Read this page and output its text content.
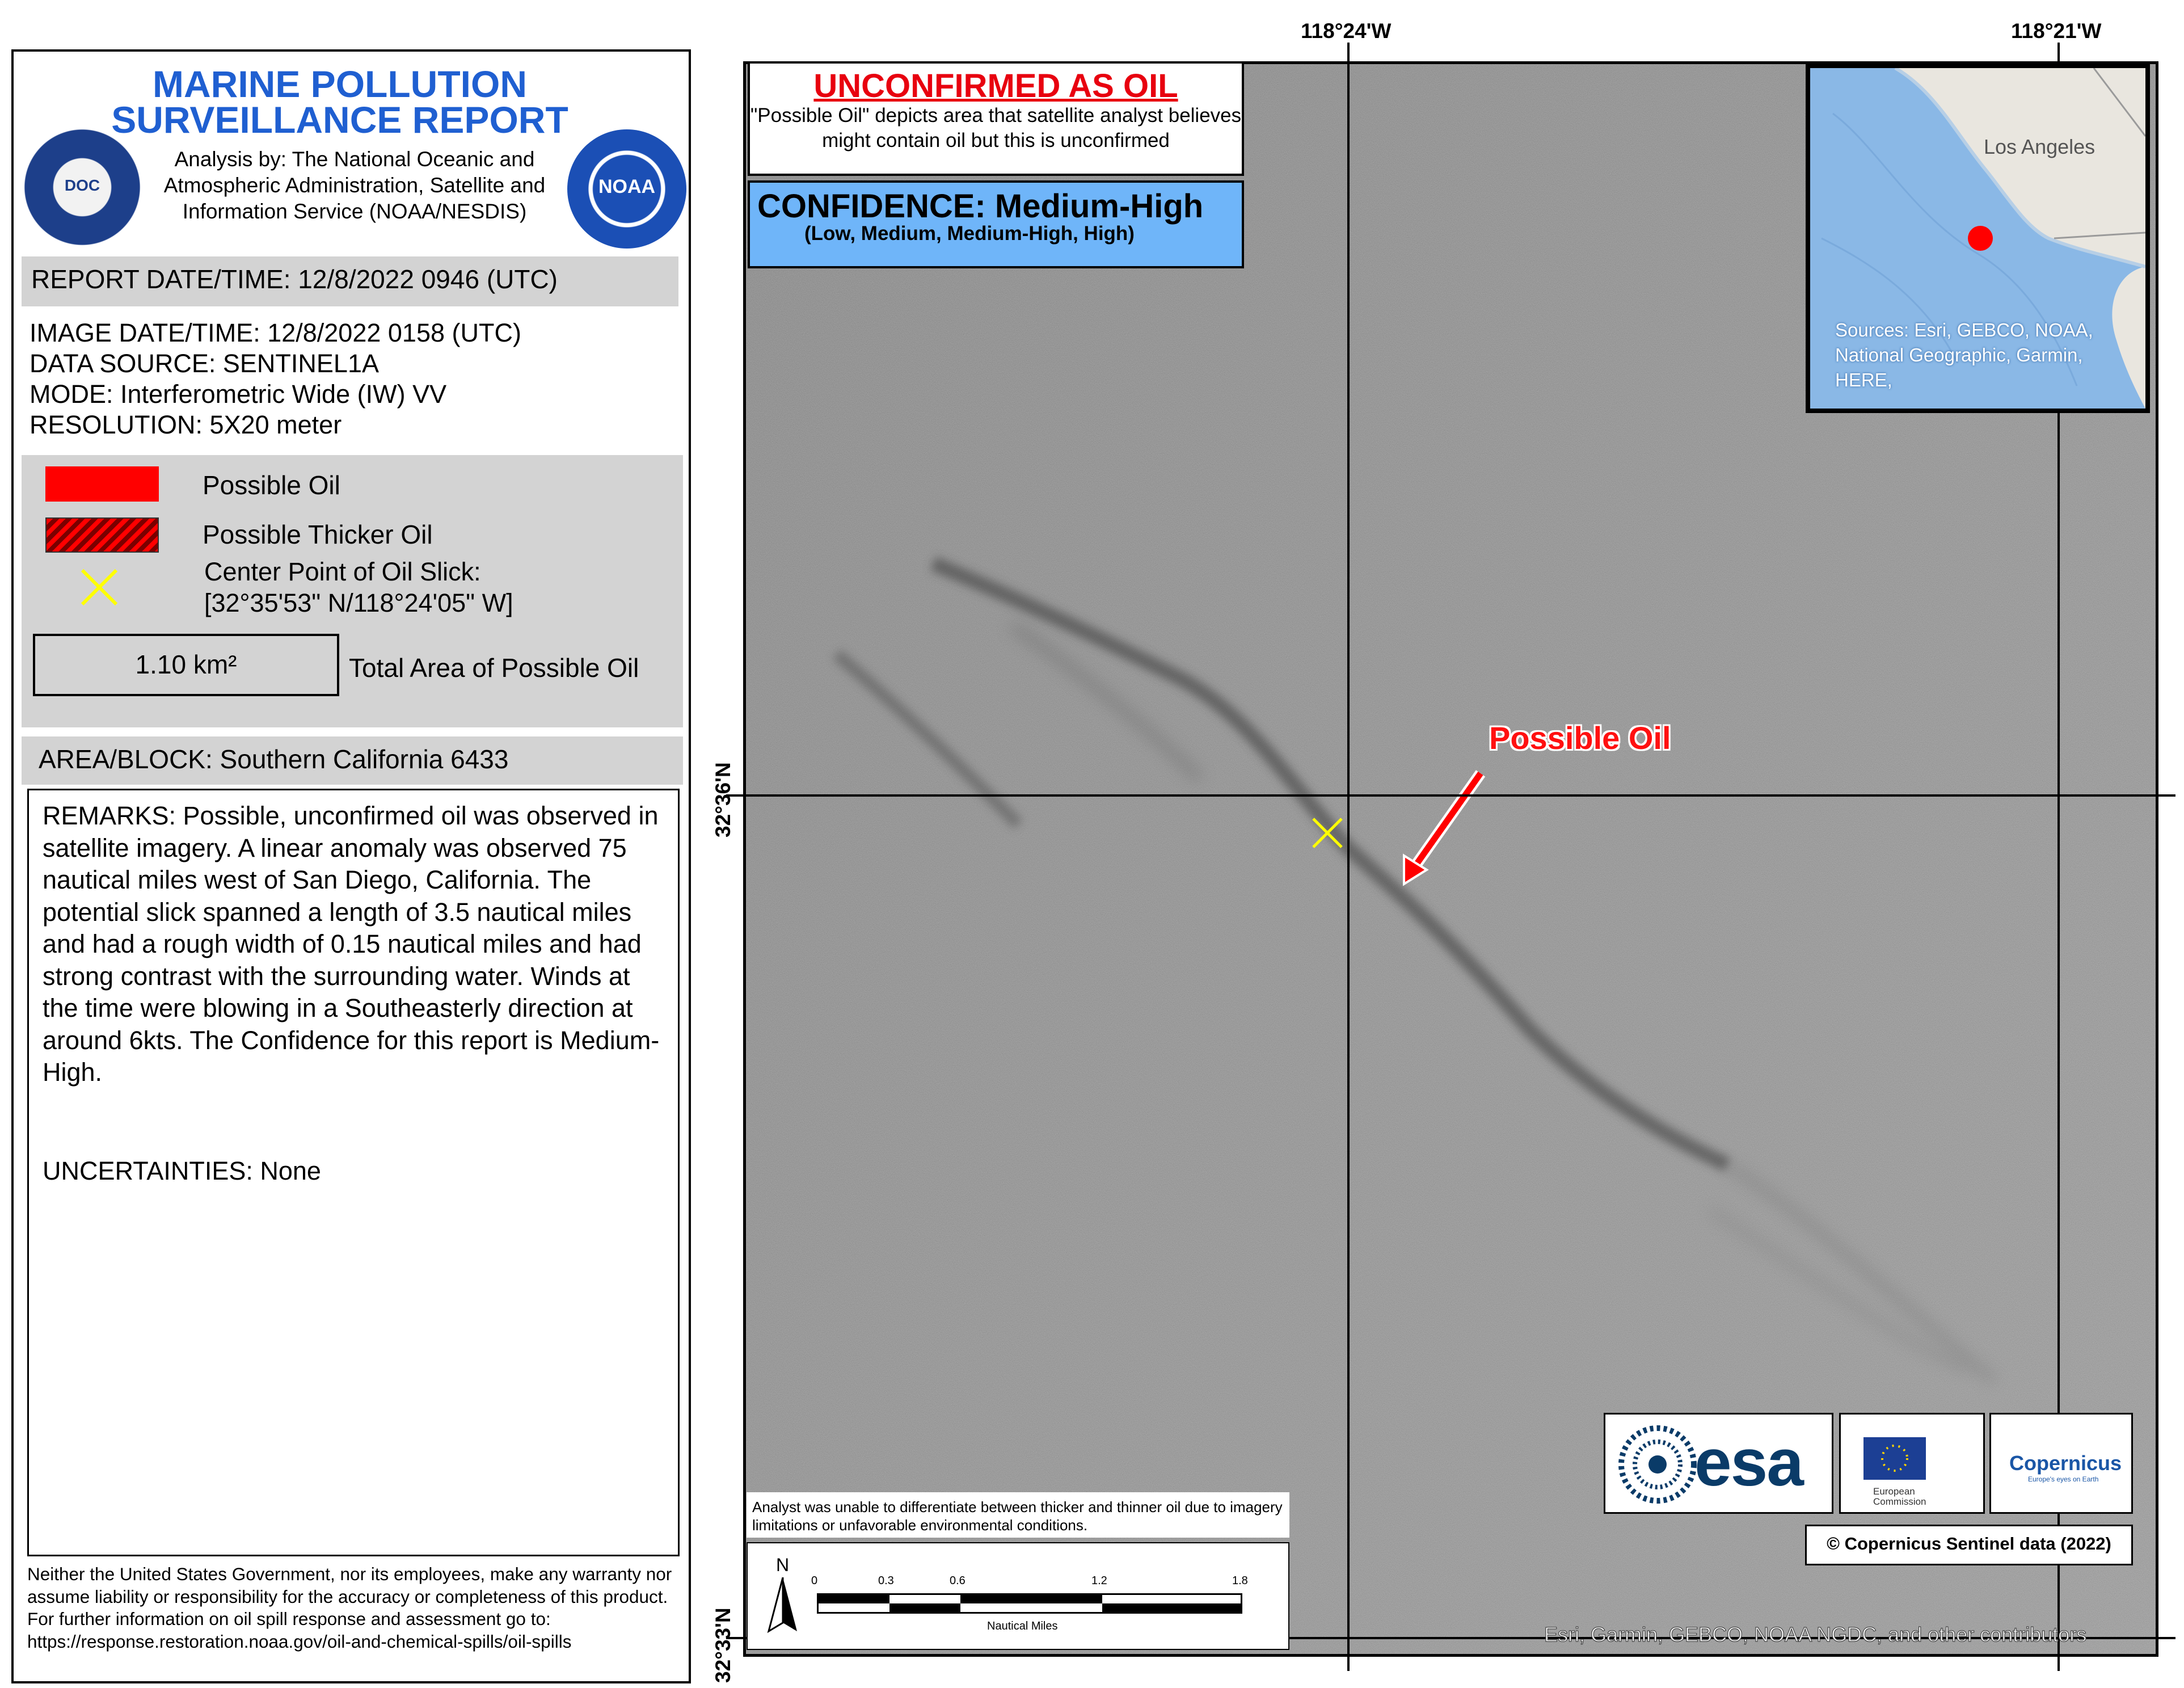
MARINE POLLUTION
SURVEILLANCE REPORT
DOC	NOAA
Analysis by: The National Oceanic and Atmospheric Administration, Satellite and Information Service (NOAA/NESDIS)
REPORT DATE/TIME: 12/8/2022 0946 (UTC)
IMAGE DATE/TIME: 12/8/2022 0158 (UTC)
DATA SOURCE: SENTINEL1A
MODE: Interferometric Wide (IW) VV
RESOLUTION: 5X20 meter
Possible Oil
Possible Thicker Oil
Center Point of Oil Slick:
[32°35'53" N/118°24'05" W]
1.10 km²	Total Area of Possible Oil
AREA/BLOCK: Southern California 6433
REMARKS: Possible, unconfirmed oil was observed in satellite imagery. A linear anomaly was observed 75 nautical miles west of San Diego, California. The potential slick spanned a length of 3.5 nautical miles and had a rough width of 0.15 nautical miles and had strong contrast with the surrounding water. Winds at the time were blowing in a Southeasterly direction at around 6kts. The Confidence for this report is Medium-High.
UNCERTAINTIES: None
Neither the United States Government, nor its employees, make any warranty nor assume liability or responsibility for the accuracy or completeness of this product.
For further information on oil spill response and assessment go to:
https://response.restoration.noaa.gov/oil-and-chemical-spills/oil-spills
118°24'W	118°21'W
32°36'N
32°33'N
UNCONFIRMED AS OIL
"Possible Oil" depicts area that satellite analyst believes might contain oil but this is unconfirmed
CONFIDENCE: Medium-High
(Low, Medium, Medium-High, High)
Los Angeles
Sources: Esri, GEBCO, NOAA, National Geographic, Garmin, HERE,
Possible Oil
esa	European Commission
Copernicus
Europe's eyes on Earth
© Copernicus Sentinel data (2022)
Analyst was unable to differentiate between thicker and thinner oil due to imagery limitations or unfavorable environmental conditions.
N
0	0.3	0.6	1.2	1.8
Nautical Miles	Esri, Garmin, GEBCO, NOAA NGDC, and other contributors
